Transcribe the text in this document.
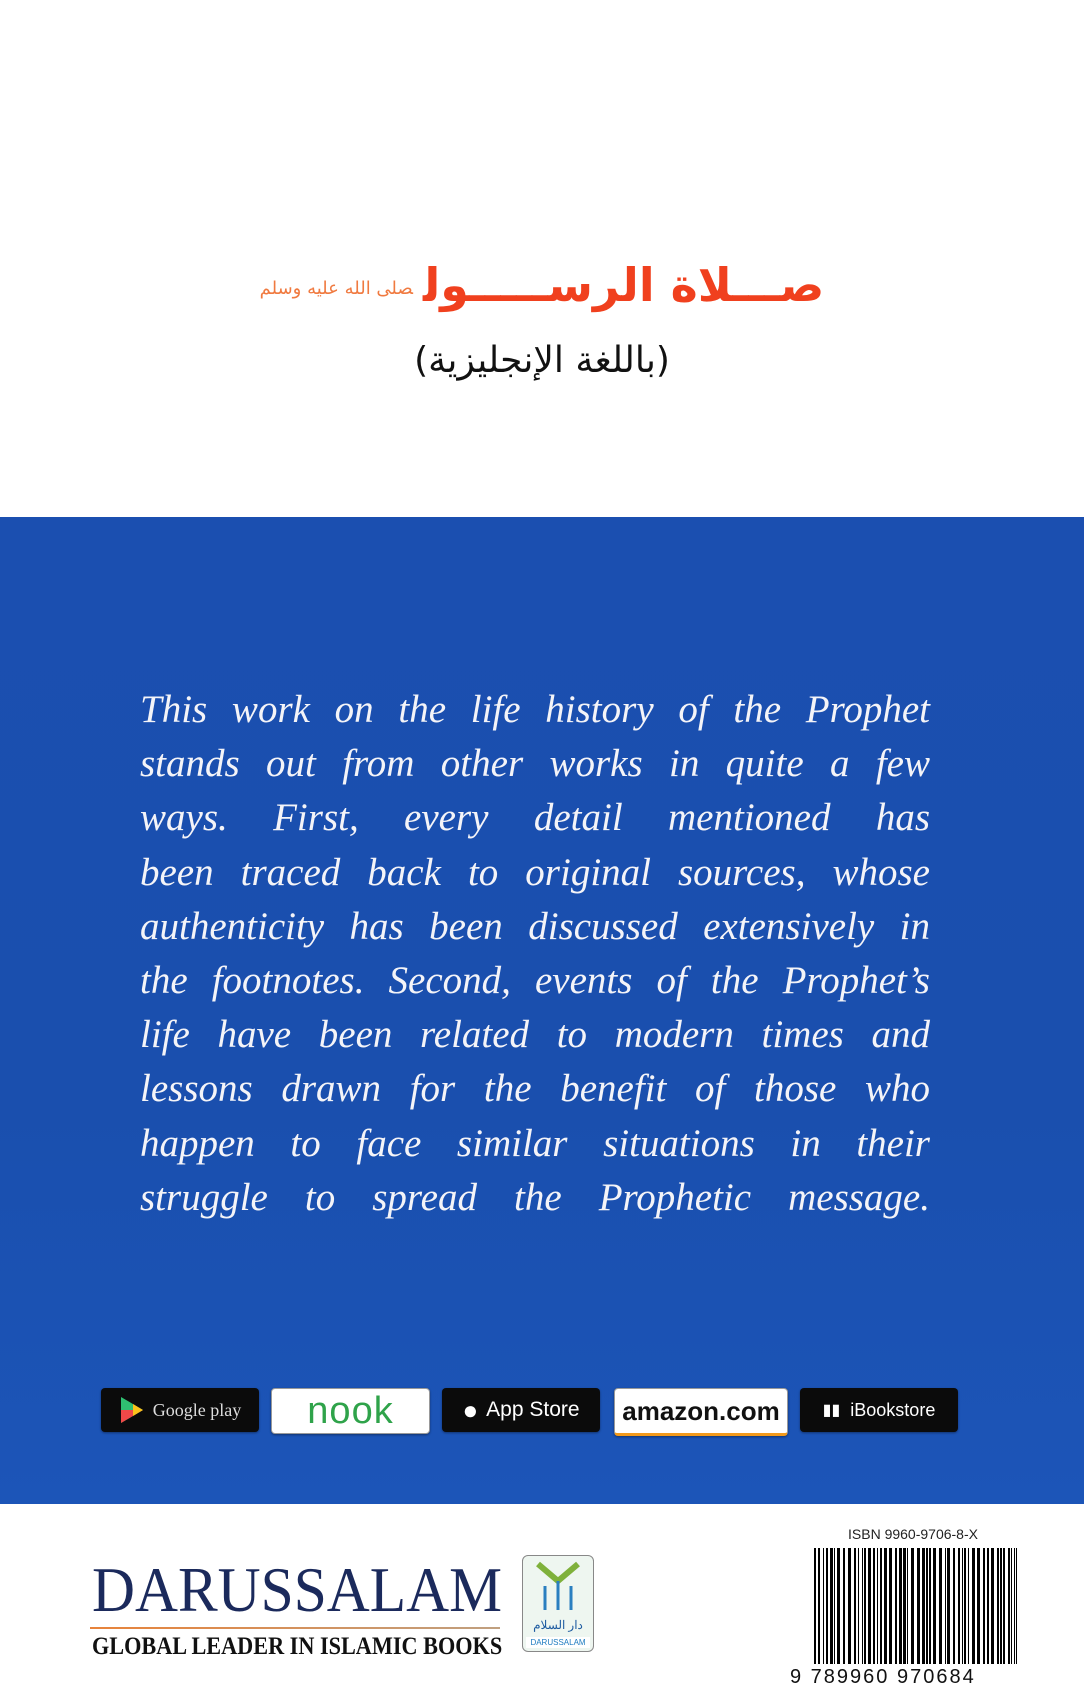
صـــلاة الرســـــولصلى الله عليه وسلم
(باللغة الإنجليزية)
This work on the life history of the Prophet
stands out from other works in quite a few
ways. First, every detail mentioned has
been traced back to original sources, whose
authenticity has been discussed extensively in
the footnotes. Second, events of the Prophet’s
life have been related to modern times and
lessons drawn for the benefit of those who
happen to face similar situations in their
struggle to spread the Prophetic message.
Google play	nook	● App Store	amazon.com	▮▮ iBookstore
DARUSSALAM
GLOBAL LEADER IN ISLAMIC BOOKS
دار السلام
DARUSSALAM
ISBN 9960-9706-8-X
9 789960 970684
